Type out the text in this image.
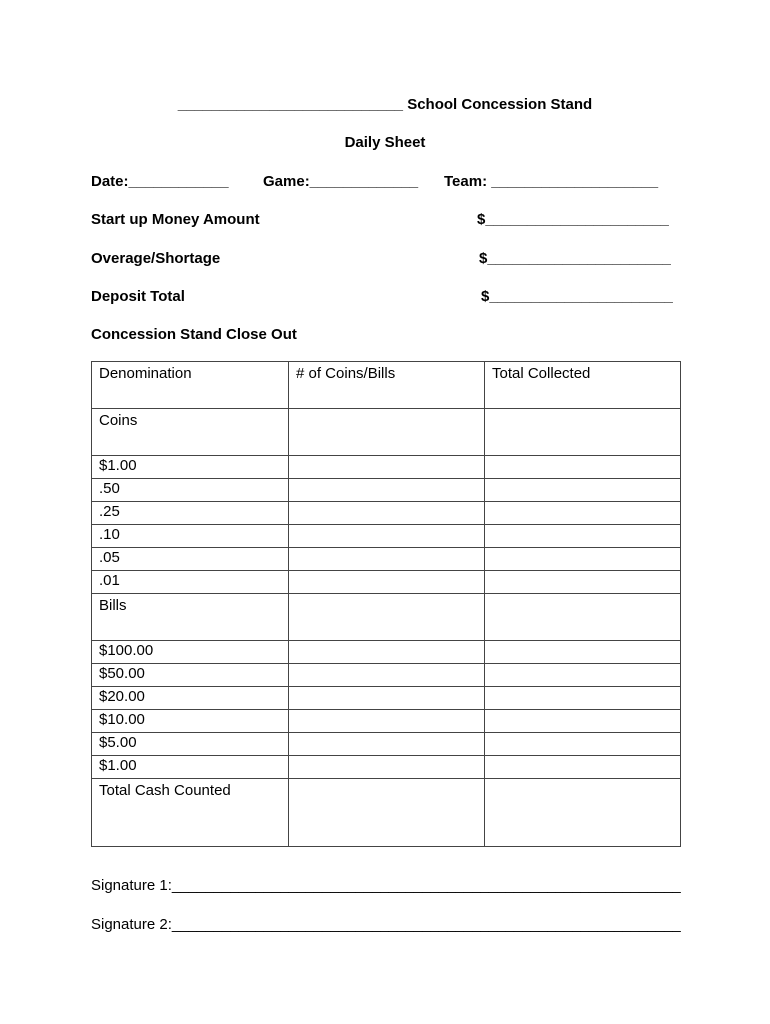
___________________________ School Concession Stand
Daily Sheet
Date:____________ Game:_____________ Team: ____________________
Start up Money Amount	$______________________
Overage/Shortage	$______________________
Deposit Total	$______________________
Concession Stand Close Out
Denomination	# of Coins/Bills	Total Collected
Coins		
$1.00		
.50		
.25		
.10		
.05		
.01		
Bills		
$100.00		
$50.00		
$20.00		
$10.00		
$5.00		
$1.00		
Total Cash Counted		
Signature 1:_____________________________________________________________
Signature 2:_____________________________________________________________
